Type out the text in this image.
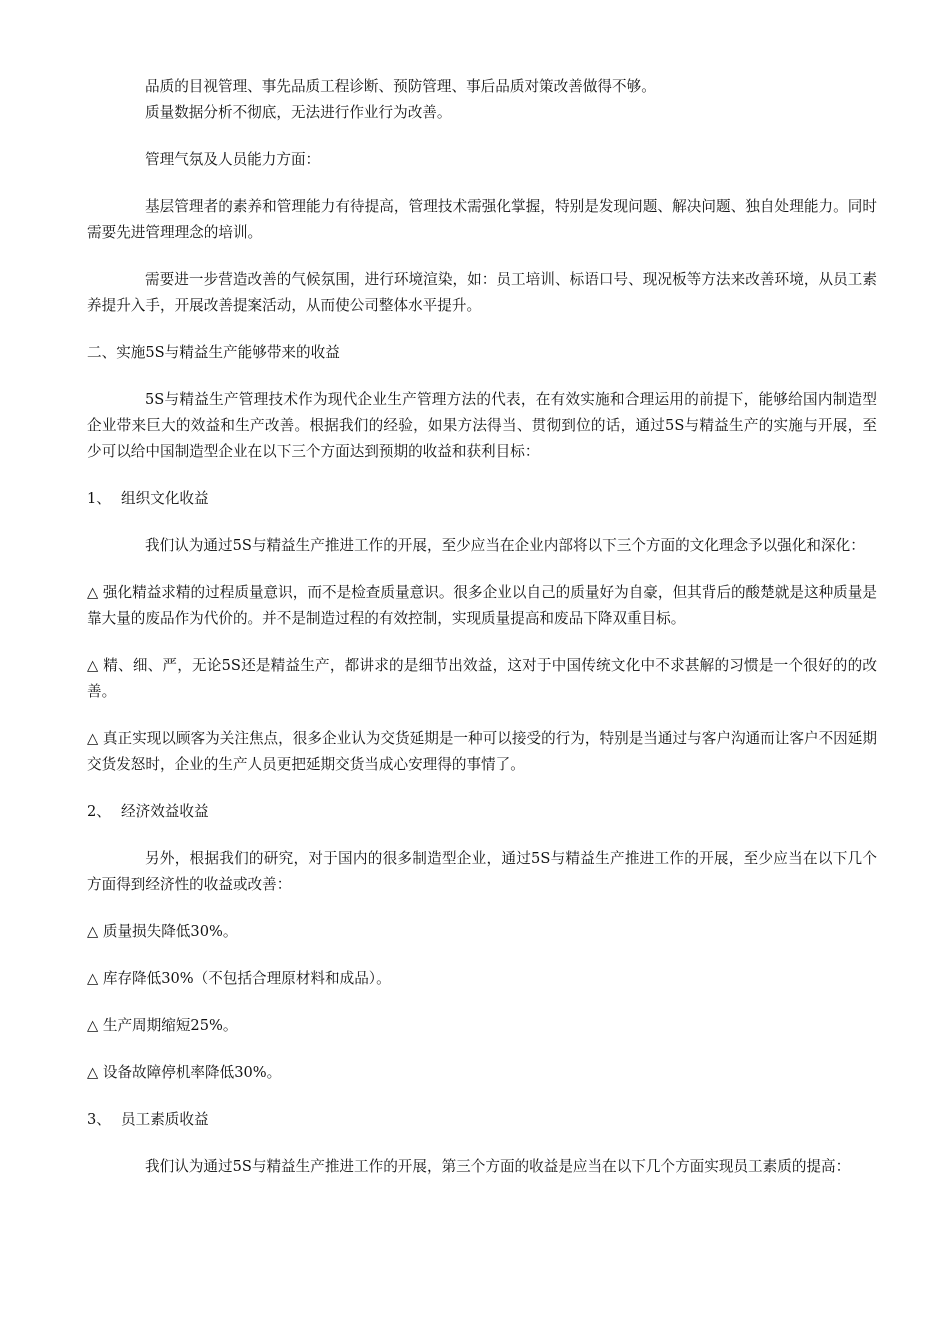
品质的目视管理、事先品质工程诊断、预防管理、事后品质对策改善做得不够。

质量数据分析不彻底，无法进行作业行为改善。

管理气氛及人员能力方面：

基层管理者的素养和管理能力有待提高，管理技术需强化掌握，特别是发现问题、解决问题、独自处理能力。同时需要先进管理理念的培训。

需要进一步营造改善的气候氛围，进行环境渲染，如：员工培训、标语口号、现况板等方法来改善环境，从员工素养提升入手，开展改善提案活动，从而使公司整体水平提升。

二、实施5S与精益生产能够带来的收益

5S与精益生产管理技术作为现代企业生产管理方法的代表，在有效实施和合理运用的前提下，能够给国内制造型企业带来巨大的效益和生产改善。根据我们的经验，如果方法得当、贯彻到位的话，通过5S与精益生产的实施与开展，至少可以给中国制造型企业在以下三个方面达到预期的收益和获利目标：

1、 组织文化收益

我们认为通过5S与精益生产推进工作的开展，至少应当在企业内部将以下三个方面的文化理念予以强化和深化：

△ 强化精益求精的过程质量意识，而不是检查质量意识。很多企业以自己的质量好为自豪，但其背后的酸楚就是这种质量是靠大量的废品作为代价的。并不是制造过程的有效控制，实现质量提高和废品下降双重目标。

△ 精、细、严，无论5S还是精益生产，都讲求的是细节出效益，这对于中国传统文化中不求甚解的习惯是一个很好的的改善。

△ 真正实现以顾客为关注焦点，很多企业认为交货延期是一种可以接受的行为，特别是当通过与客户沟通而让客户不因延期交货发怒时，企业的生产人员更把延期交货当成心安理得的事情了。

2、 经济效益收益

另外，根据我们的研究，对于国内的很多制造型企业，通过5S与精益生产推进工作的开展，至少应当在以下几个方面得到经济性的收益或改善：

△ 质量损失降低30%。

△ 库存降低30%（不包括合理原材料和成品）。

△ 生产周期缩短25%。

△ 设备故障停机率降低30%。

3、 员工素质收益

我们认为通过5S与精益生产推进工作的开展，第三个方面的收益是应当在以下几个方面实现员工素质的提高：
